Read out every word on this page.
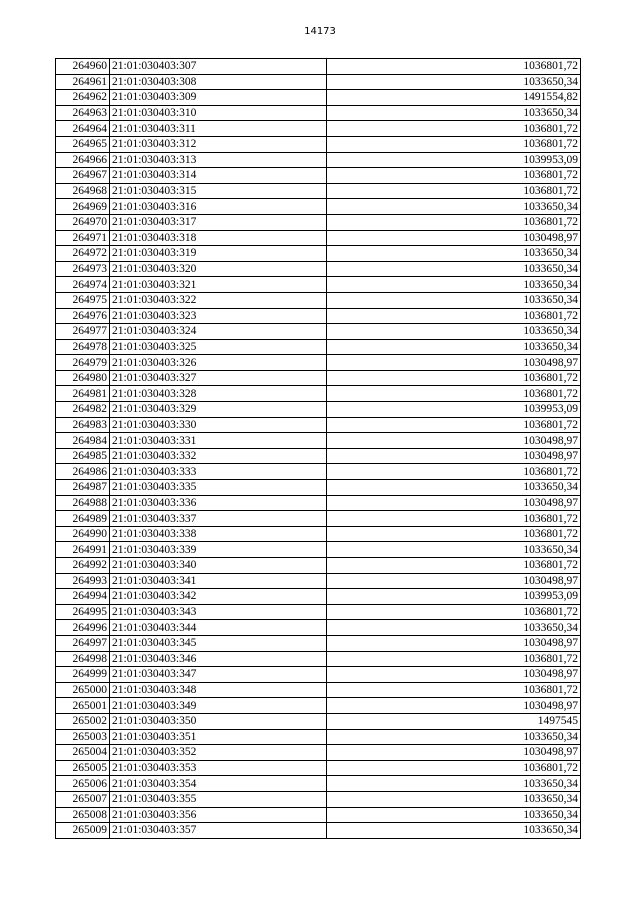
14173
264960	21:01:030403:307	1036801,72
264961	21:01:030403:308	1033650,34
264962	21:01:030403:309	1491554,82
264963	21:01:030403:310	1033650,34
264964	21:01:030403:311	1036801,72
264965	21:01:030403:312	1036801,72
264966	21:01:030403:313	1039953,09
264967	21:01:030403:314	1036801,72
264968	21:01:030403:315	1036801,72
264969	21:01:030403:316	1033650,34
264970	21:01:030403:317	1036801,72
264971	21:01:030403:318	1030498,97
264972	21:01:030403:319	1033650,34
264973	21:01:030403:320	1033650,34
264974	21:01:030403:321	1033650,34
264975	21:01:030403:322	1033650,34
264976	21:01:030403:323	1036801,72
264977	21:01:030403:324	1033650,34
264978	21:01:030403:325	1033650,34
264979	21:01:030403:326	1030498,97
264980	21:01:030403:327	1036801,72
264981	21:01:030403:328	1036801,72
264982	21:01:030403:329	1039953,09
264983	21:01:030403:330	1036801,72
264984	21:01:030403:331	1030498,97
264985	21:01:030403:332	1030498,97
264986	21:01:030403:333	1036801,72
264987	21:01:030403:335	1033650,34
264988	21:01:030403:336	1030498,97
264989	21:01:030403:337	1036801,72
264990	21:01:030403:338	1036801,72
264991	21:01:030403:339	1033650,34
264992	21:01:030403:340	1036801,72
264993	21:01:030403:341	1030498,97
264994	21:01:030403:342	1039953,09
264995	21:01:030403:343	1036801,72
264996	21:01:030403:344	1033650,34
264997	21:01:030403:345	1030498,97
264998	21:01:030403:346	1036801,72
264999	21:01:030403:347	1030498,97
265000	21:01:030403:348	1036801,72
265001	21:01:030403:349	1030498,97
265002	21:01:030403:350	1497545
265003	21:01:030403:351	1033650,34
265004	21:01:030403:352	1030498,97
265005	21:01:030403:353	1036801,72
265006	21:01:030403:354	1033650,34
265007	21:01:030403:355	1033650,34
265008	21:01:030403:356	1033650,34
265009	21:01:030403:357	1033650,34
